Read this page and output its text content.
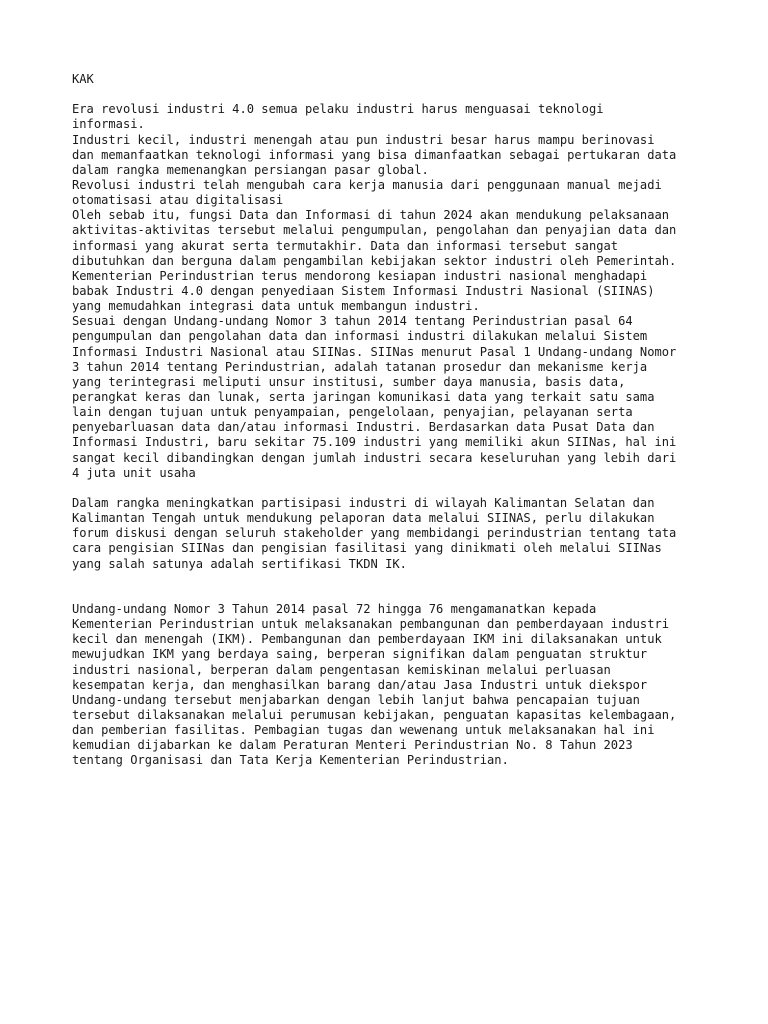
KAK
Era revolusi industri 4.0 semua pelaku industri harus menguasai teknologi
informasi.
Industri kecil, industri menengah atau pun industri besar harus mampu berinovasi
dan memanfaatkan teknologi informasi yang bisa dimanfaatkan sebagai pertukaran data
dalam rangka memenangkan persiangan pasar global.
Revolusi industri telah mengubah cara kerja manusia dari penggunaan manual mejadi
otomatisasi atau digitalisasi
Oleh sebab itu, fungsi Data dan Informasi di tahun 2024 akan mendukung pelaksanaan
aktivitas-aktivitas tersebut melalui pengumpulan, pengolahan dan penyajian data dan
informasi yang akurat serta termutakhir. Data dan informasi tersebut sangat
dibutuhkan dan berguna dalam pengambilan kebijakan sektor industri oleh Pemerintah.
Kementerian Perindustrian terus mendorong kesiapan industri nasional menghadapi
babak Industri 4.0 dengan penyediaan Sistem Informasi Industri Nasional (SIINAS)
yang memudahkan integrasi data untuk membangun industri.
Sesuai dengan Undang-undang Nomor 3 tahun 2014 tentang Perindustrian pasal 64
pengumpulan dan pengolahan data dan informasi industri dilakukan melalui Sistem
Informasi Industri Nasional atau SIINas. SIINas menurut Pasal 1 Undang-undang Nomor
3 tahun 2014 tentang Perindustrian, adalah tatanan prosedur dan mekanisme kerja
yang terintegrasi meliputi unsur institusi, sumber daya manusia, basis data,
perangkat keras dan lunak, serta jaringan komunikasi data yang terkait satu sama
lain dengan tujuan untuk penyampaian, pengelolaan, penyajian, pelayanan serta
penyebarluasan data dan/atau informasi Industri. Berdasarkan data Pusat Data dan
Informasi Industri, baru sekitar 75.109 industri yang memiliki akun SIINas, hal ini
sangat kecil dibandingkan dengan jumlah industri secara keseluruhan yang lebih dari
4 juta unit usaha
Dalam rangka meningkatkan partisipasi industri di wilayah Kalimantan Selatan dan
Kalimantan Tengah untuk mendukung pelaporan data melalui SIINAS, perlu dilakukan
forum diskusi dengan seluruh stakeholder yang membidangi perindustrian tentang tata
cara pengisian SIINas dan pengisian fasilitasi yang dinikmati oleh melalui SIINas
yang salah satunya adalah sertifikasi TKDN IK.
Undang-undang Nomor 3 Tahun 2014 pasal 72 hingga 76 mengamanatkan kepada
Kementerian Perindustrian untuk melaksanakan pembangunan dan pemberdayaan industri
kecil dan menengah (IKM). Pembangunan dan pemberdayaan IKM ini dilaksanakan untuk
mewujudkan IKM yang berdaya saing, berperan signifikan dalam penguatan struktur
industri nasional, berperan dalam pengentasan kemiskinan melalui perluasan
kesempatan kerja, dan menghasilkan barang dan/atau Jasa Industri untuk diekspor
Undang-undang tersebut menjabarkan dengan lebih lanjut bahwa pencapaian tujuan
tersebut dilaksanakan melalui perumusan kebijakan, penguatan kapasitas kelembagaan,
dan pemberian fasilitas. Pembagian tugas dan wewenang untuk melaksanakan hal ini
kemudian dijabarkan ke dalam Peraturan Menteri Perindustrian No. 8 Tahun 2023
tentang Organisasi dan Tata Kerja Kementerian Perindustrian.
